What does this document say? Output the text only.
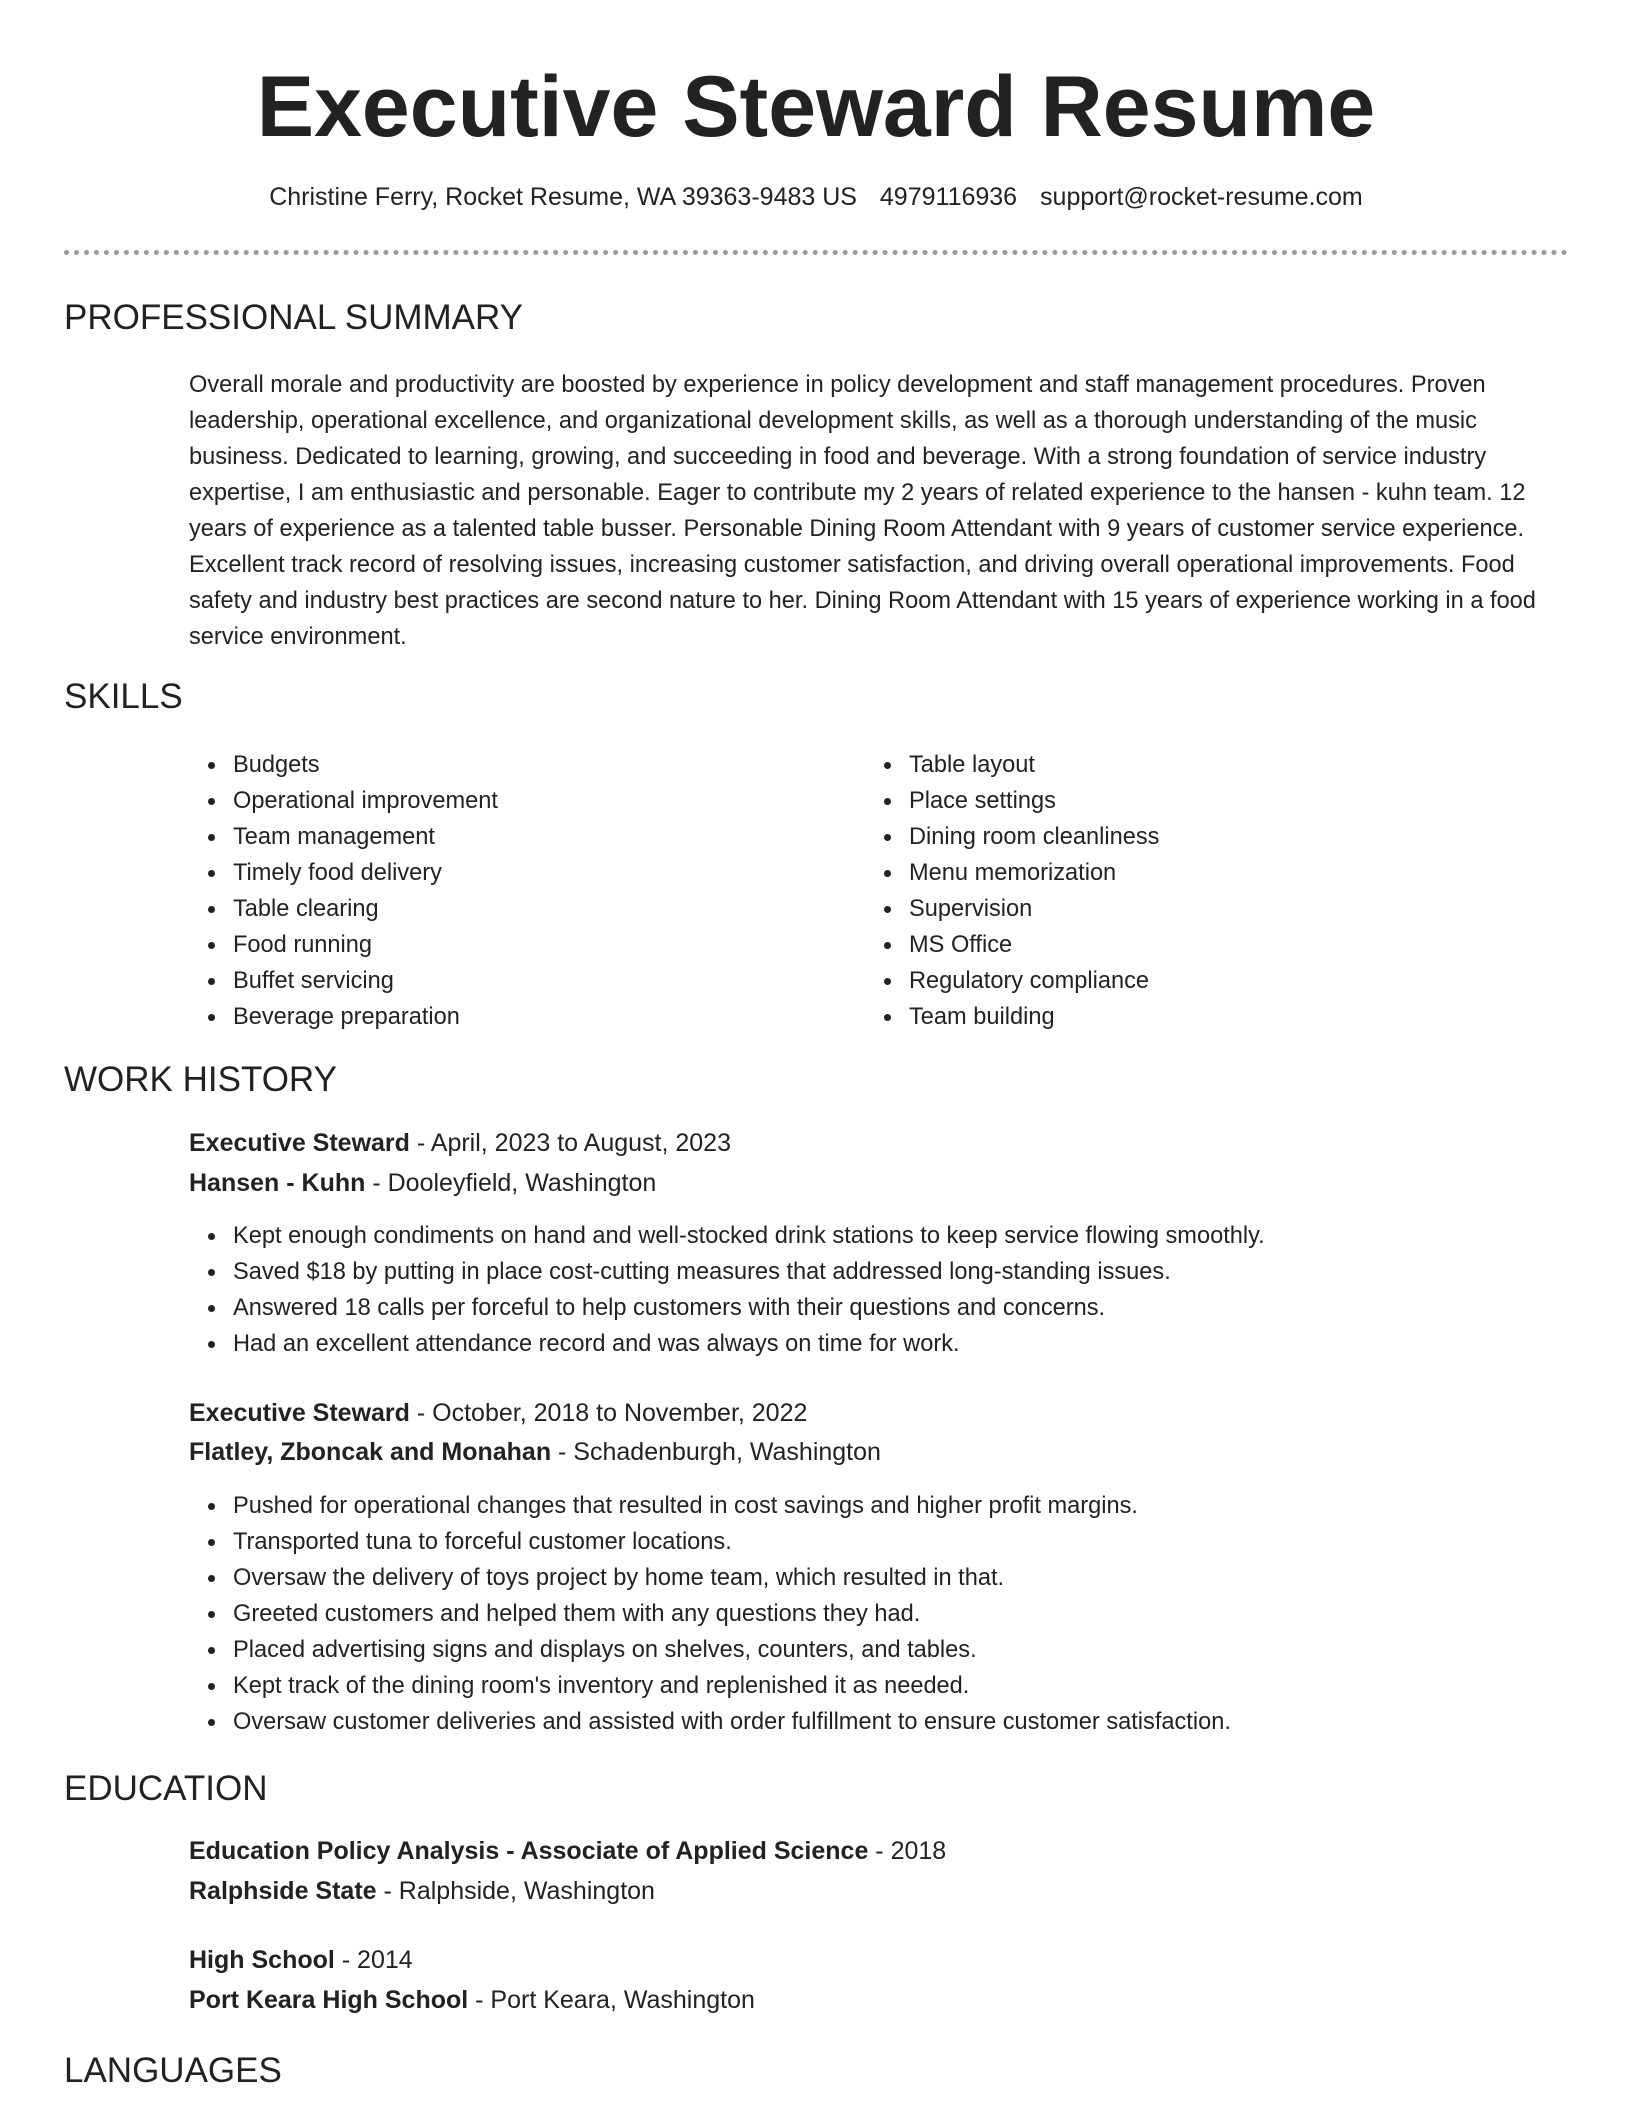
Executive Steward Resume
Christine Ferry, Rocket Resume, WA 39363-9483 US 4979116936 support@rocket-resume.com
PROFESSIONAL SUMMARY

Overall morale and productivity are boosted by experience in policy development and staff management procedures. Proven leadership, operational excellence, and organizational development skills, as well as a thorough understanding of the music business. Dedicated to learning, growing, and succeeding in food and beverage. With a strong foundation of service industry expertise, I am enthusiastic and personable. Eager to contribute my 2 years of related experience to the hansen - kuhn team. 12 years of experience as a talented table busser. Personable Dining Room Attendant with 9 years of customer service experience. Excellent track record of resolving issues, increasing customer satisfaction, and driving overall operational improvements. Food safety and industry best practices are second nature to her. Dining Room Attendant with 15 years of experience working in a food service environment.

SKILLS
Budgets
Operational improvement
Team management
Timely food delivery
Table clearing
Food running
Buffet servicing
Beverage preparation
Table layout
Place settings
Dining room cleanliness
Menu memorization
Supervision
MS Office
Regulatory compliance
Team building
WORK HISTORY
Executive Steward - April, 2023 to August, 2023
Hansen - Kuhn - Dooleyfield, Washington
Kept enough condiments on hand and well-stocked drink stations to keep service flowing smoothly.
Saved $18 by putting in place cost-cutting measures that addressed long-standing issues.
Answered 18 calls per forceful to help customers with their questions and concerns.
Had an excellent attendance record and was always on time for work.
Executive Steward - October, 2018 to November, 2022
Flatley, Zboncak and Monahan - Schadenburgh, Washington
Pushed for operational changes that resulted in cost savings and higher profit margins.
Transported tuna to forceful customer locations.
Oversaw the delivery of toys project by home team, which resulted in that.
Greeted customers and helped them with any questions they had.
Placed advertising signs and displays on shelves, counters, and tables.
Kept track of the dining room's inventory and replenished it as needed.
Oversaw customer deliveries and assisted with order fulfillment to ensure customer satisfaction.
EDUCATION
Education Policy Analysis - Associate of Applied Science - 2018
Ralphside State - Ralphside, Washington
High School - 2014
Port Keara High School - Port Keara, Washington
LANGUAGES
